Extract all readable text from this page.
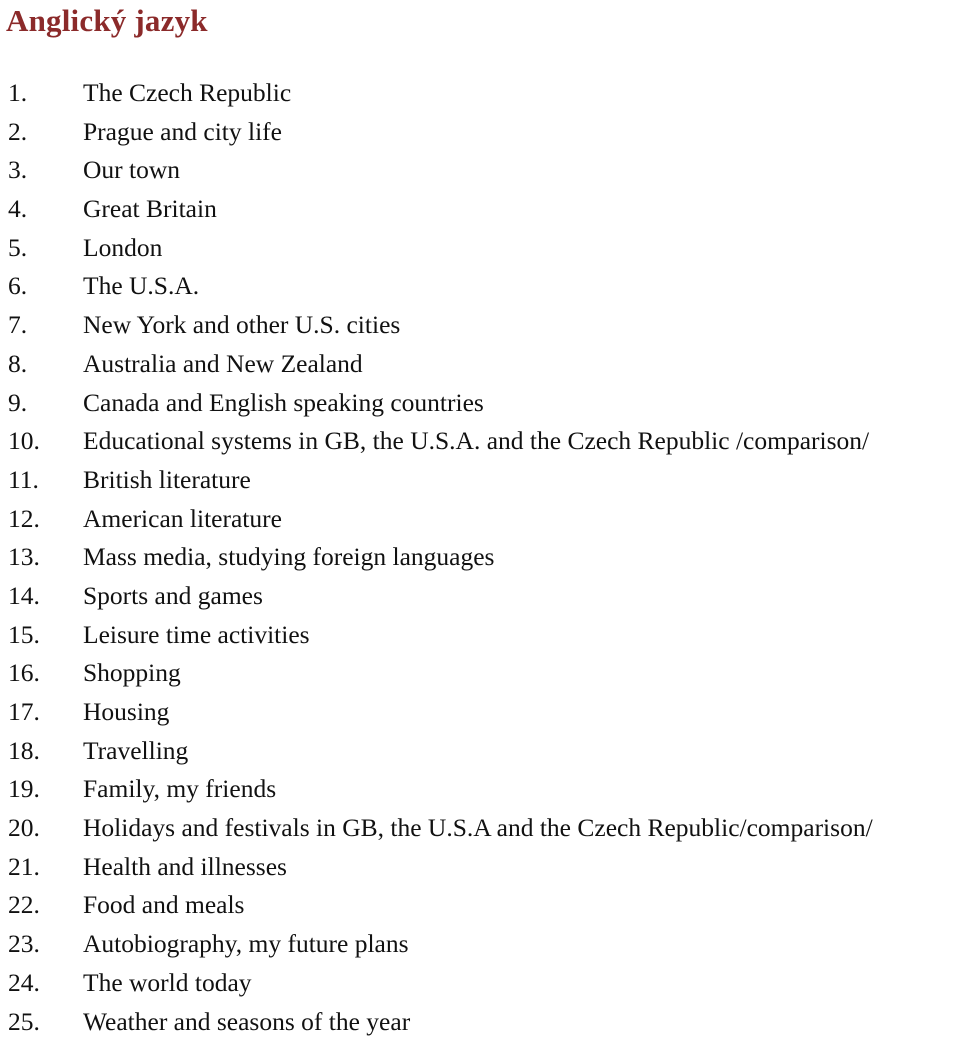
Anglický jazyk
1. The Czech Republic
2. Prague and city life
3. Our town
4. Great Britain
5. London
6. The U.S.A.
7. New York and other U.S. cities
8. Australia and New Zealand
9. Canada and English speaking countries
10. Educational systems in GB, the U.S.A. and the Czech Republic /comparison/
11. British literature
12. American literature
13. Mass media, studying foreign languages
14. Sports and games
15. Leisure time activities
16. Shopping
17. Housing
18. Travelling
19. Family, my friends
20. Holidays and festivals in GB, the U.S.A and the Czech Republic/comparison/
21. Health and illnesses
22. Food and meals
23. Autobiography, my future plans
24. The world today
25. Weather and seasons of the year
